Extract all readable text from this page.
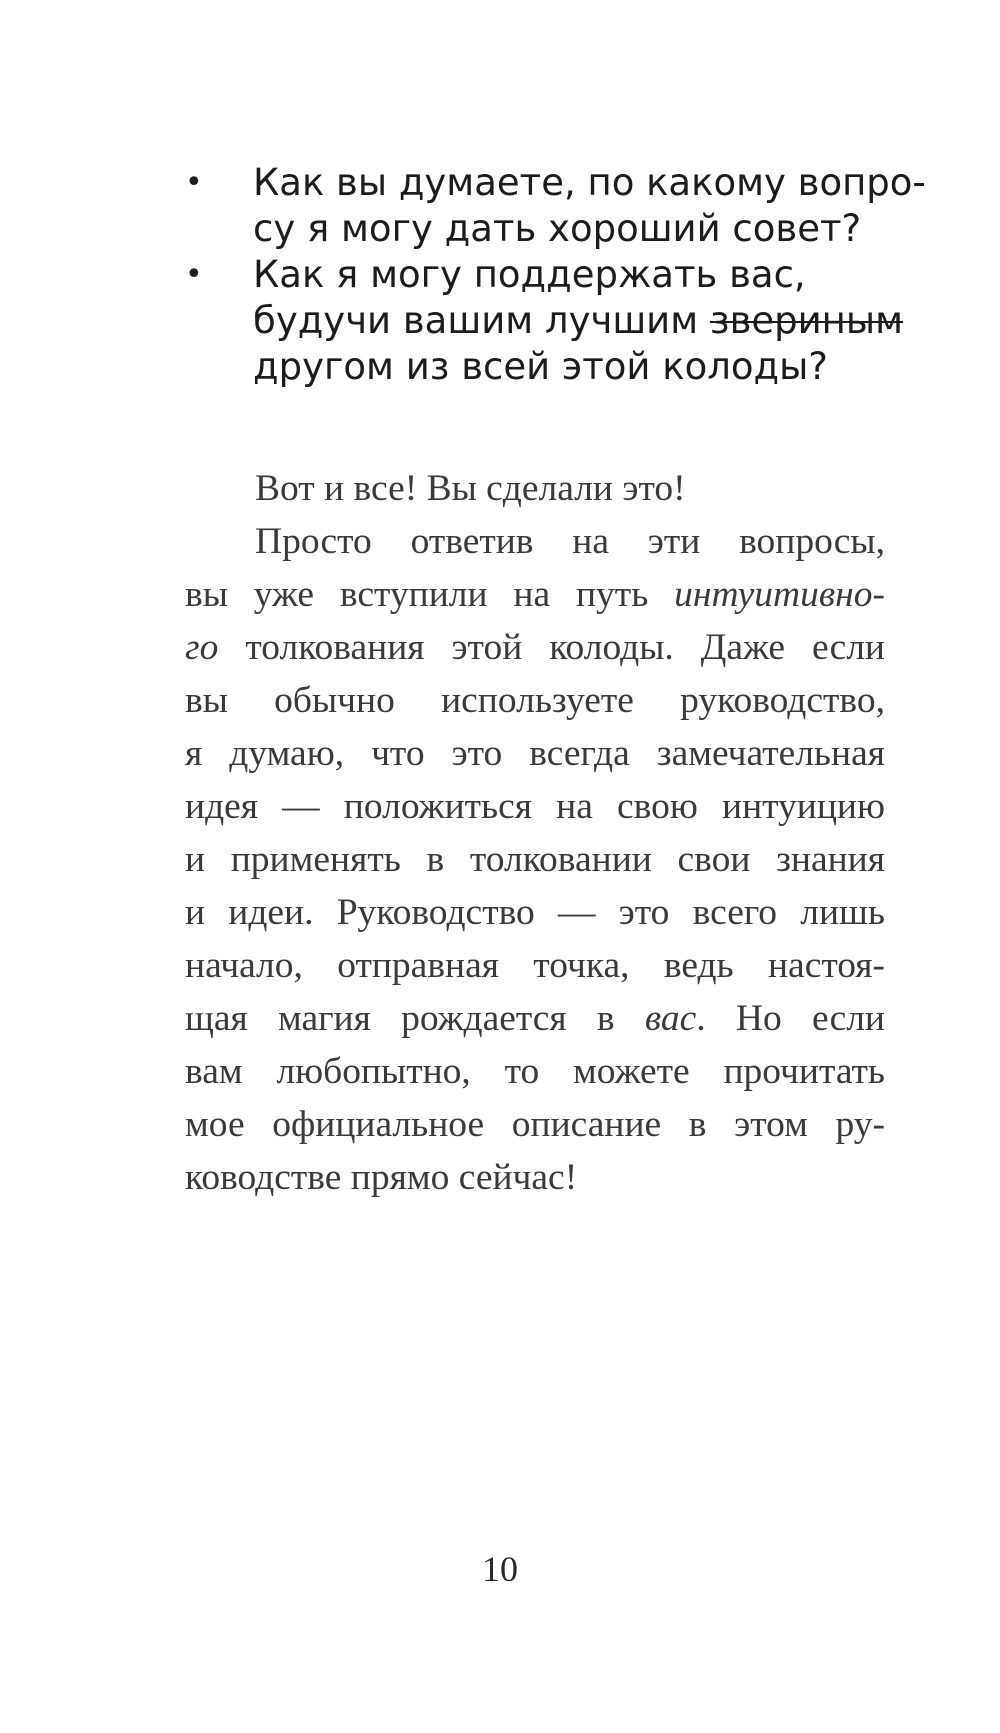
• Как вы думаете, по какому вопро-
су я могу дать хороший совет?
• Как я могу поддержать вас,
будучи вашим лучшим звериным
другом из всей этой колоды?
Вот и все! Вы сделали это!
Просто ответив на эти вопросы,
вы уже вступили на путь интуитивно-
го толкования этой колоды. Даже если
вы обычно используете руководство,
я думаю, что это всегда замечательная
идея — положиться на свою интуицию
и применять в толковании свои знания
и идеи. Руководство — это всего лишь
начало, отправная точка, ведь настоя-
щая магия рождается в вас. Но если
вам любопытно, то можете прочитать
мое официальное описание в этом ру-
ководстве прямо сейчас!
10
